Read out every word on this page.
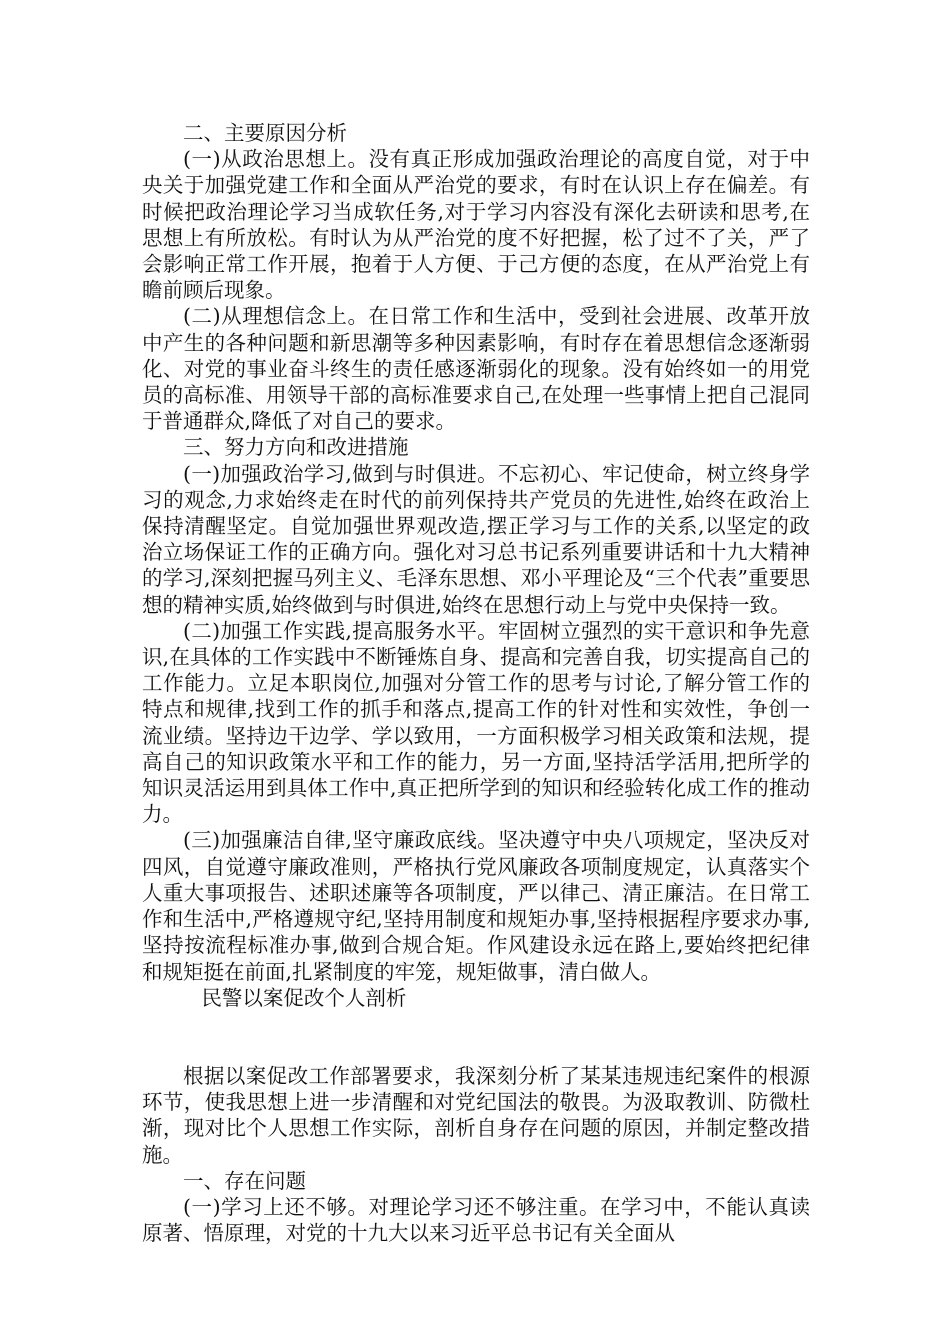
二、主要原因分析

(一)从政治思想上。没有真正形成加强政治理论的高度自觉，对于中央关于加强党建工作和全面从严治党的要求，有时在认识上存在偏差。有时候把政治理论学习当成软任务,对于学习内容没有深化去研读和思考,在思想上有所放松。有时认为从严治党的度不好把握，松了过不了关，严了会影响正常工作开展，抱着于人方便、于己方便的态度，在从严治党上有瞻前顾后现象。

(二)从理想信念上。在日常工作和生活中，受到社会进展、改革开放中产生的各种问题和新思潮等多种因素影响，有时存在着思想信念逐渐弱化、对党的事业奋斗终生的责任感逐渐弱化的现象。没有始终如一的用党员的高标准、用领导干部的高标准要求自己,在处理一些事情上把自己混同于普通群众,降低了对自己的要求。

三、努力方向和改进措施

(一)加强政治学习,做到与时俱进。不忘初心、牢记使命，树立终身学习的观念,力求始终走在时代的前列保持共产党员的先进性,始终在政治上保持清醒坚定。自觉加强世界观改造,摆正学习与工作的关系,以坚定的政治立场保证工作的正确方向。强化对习总书记系列重要讲话和十九大精神的学习,深刻把握马列主义、毛泽东思想、邓小平理论及“三个代表”重要思想的精神实质,始终做到与时俱进,始终在思想行动上与党中央保持一致。

(二)加强工作实践,提高服务水平。牢固树立强烈的实干意识和争先意识,在具体的工作实践中不断锤炼自身、提高和完善自我，切实提高自己的工作能力。立足本职岗位,加强对分管工作的思考与讨论,了解分管工作的特点和规律,找到工作的抓手和落点,提高工作的针对性和实效性，争创一流业绩。坚持边干边学、学以致用，一方面积极学习相关政策和法规，提高自己的知识政策水平和工作的能力，另一方面,坚持活学活用,把所学的知识灵活运用到具体工作中,真正把所学到的知识和经验转化成工作的推动力。

(三)加强廉洁自律,坚守廉政底线。坚决遵守中央八项规定，坚决反对四风，自觉遵守廉政准则，严格执行党风廉政各项制度规定，认真落实个人重大事项报告、述职述廉等各项制度，严以律己、清正廉洁。在日常工作和生活中,严格遵规守纪,坚持用制度和规矩办事,坚持根据程序要求办事,坚持按流程标准办事,做到合规合矩。作风建设永远在路上,要始终把纪律和规矩挺在前面,扎紧制度的牢笼，规矩做事，清白做人。

民警以案促改个人剖析

根据以案促改工作部署要求，我深刻分析了某某违规违纪案件的根源环节，使我思想上进一步清醒和对党纪国法的敬畏。为汲取教训、防微杜渐，现对比个人思想工作实际，剖析自身存在问题的原因，并制定整改措施。

一、存在问题

(一)学习上还不够。对理论学习还不够注重。在学习中，不能认真读原著、悟原理，对党的十九大以来习近平总书记有关全面从
